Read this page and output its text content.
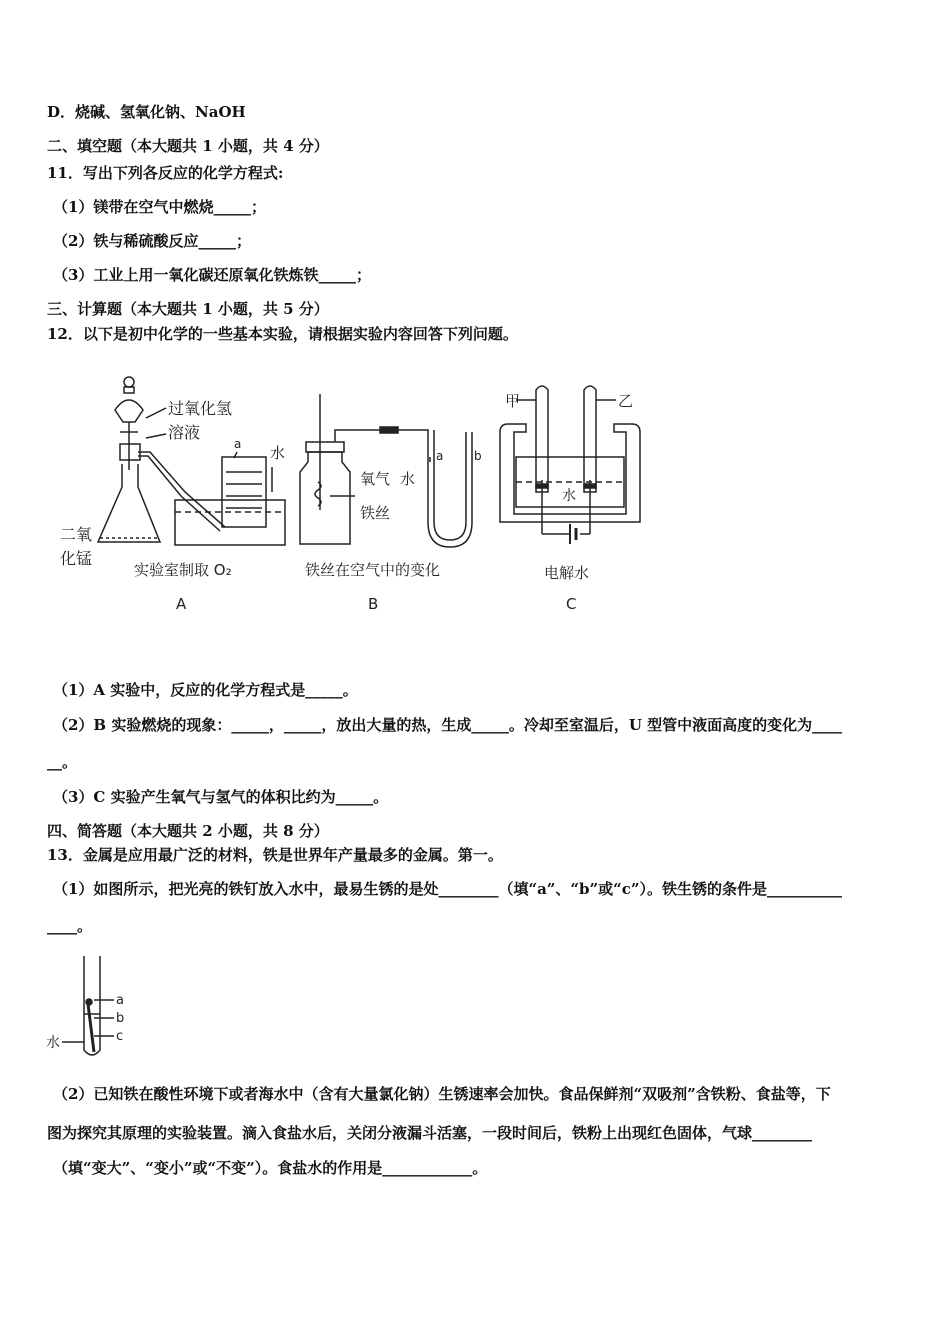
D．烧碱、氢氧化钠、NaOH
二、填空题（本大题共 1 小题，共 4 分）
11．写出下列各反应的化学方程式:
（1）镁带在空气中燃烧_____；
（2）铁与稀硫酸反应_____；
（3）工业上用一氧化碳还原氧化铁炼铁_____；
三、计算题（本大题共 1 小题，共 5 分）
12．以下是初中化学的一些基本实验，请根据实验内容回答下列问题。
过氧化氢
溶液
a 水
二氧
化锰
实验室制取 O₂
A
氧气 水
a	b
铁丝
铁丝在空气中的变化
B
甲	乙
水
电解水
C
（1）A 实验中，反应的化学方程式是_____。
（2）B 实验燃烧的现象：_____，_____，放出大量的热，生成_____。冷却至室温后，U 型管中液面高度的变化为____
__。
（3）C 实验产生氧气与氢气的体积比约为_____。
四、简答题（本大题共 2 小题，共 8 分）
13．金属是应用最广泛的材料，铁是世界年产量最多的金属。第一。
（1）如图所示，把光亮的铁钉放入水中，最易生锈的是处________（填“a”、“b”或“c”）。铁生锈的条件是__________
____。
a
b
c
水
（2）已知铁在酸性环境下或者海水中（含有大量氯化钠）生锈速率会加快。食品保鲜剂“双吸剂”含铁粉、食盐等，下
图为探究其原理的实验装置。滴入食盐水后，关闭分液漏斗活塞，一段时间后，铁粉上出现红色固体，气球________
（填“变大”、“变小”或“不变”）。食盐水的作用是____________。
